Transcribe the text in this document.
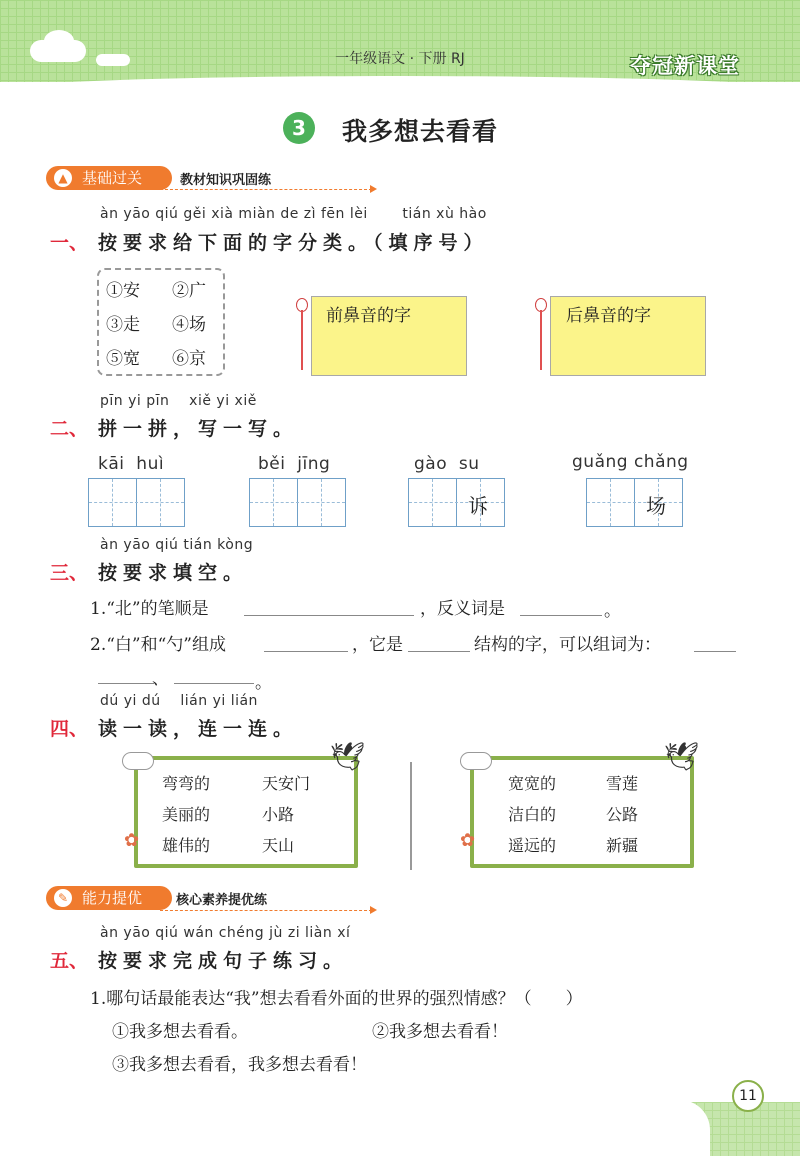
一年级语文 · 下册 RJ	夺冠新课堂
3	我多想去看看
▲ 基础过关	教材知识巩固练
àn yāo qiú gěi xià miàn de zì fēn lèi       tián xù hào
一、 按要求给下面的字分类。（填序号）
①安 ②广
③走 ④场
⑤宽 ⑥京
前鼻音的字	后鼻音的字
pīn yi pīn    xiě yi xiě
二、 拼一拼，写一写。
kāi  huì	běi  jīng	gào  su
诉
guǎng chǎng
场
àn yāo qiú tián kòng
三、 按要求填空。
1.“北”的笔顺是	，反义词是	。
2.“白”和“勺”组成	，它是	结构的字，可以组词为：
、	。
dú yi dú    lián yi lián
四、 读一读，连一连。
🕊
✿
弯弯的	天安门
美丽的	小路
雄伟的	天山
🕊
✿
宽宽的	雪莲
洁白的	公路
遥远的	新疆
✎ 能力提优	核心素养提优练
àn yāo qiú wán chéng jù zi liàn xí
五、 按要求完成句子练习。
1.哪句话最能表达“我”想去看看外面的世界的强烈情感？（　　）
①我多想去看看。	②我多想去看看！
③我多想去看看，我多想去看看！
11
